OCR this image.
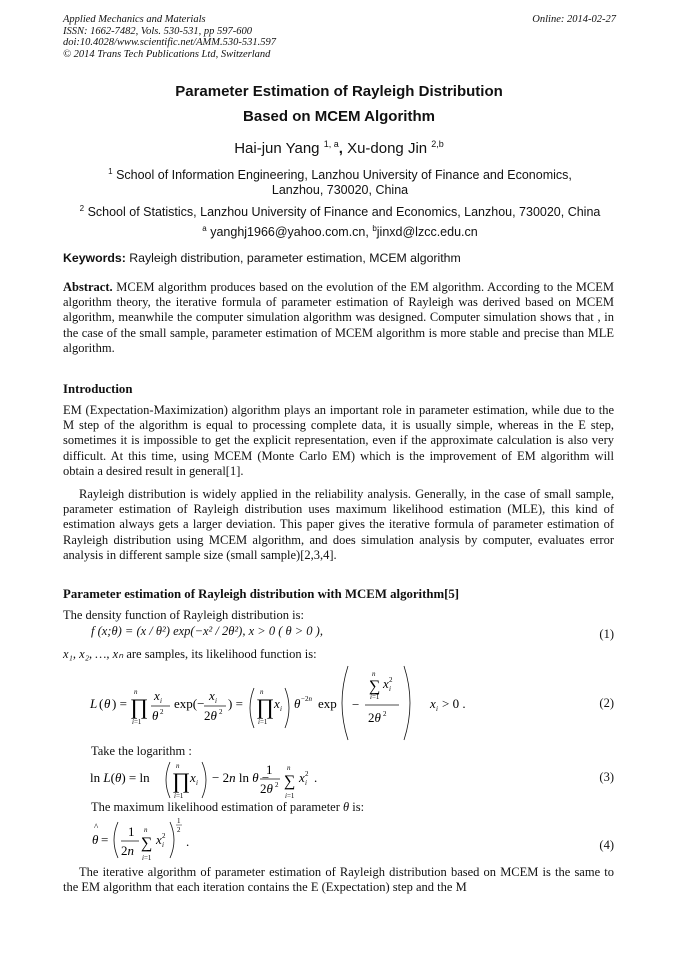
Applied Mechanics and Materials
ISSN: 1662-7482, Vols. 530-531, pp 597-600
doi:10.4028/www.scientific.net/AMM.530-531.597
© 2014 Trans Tech Publications Ltd, Switzerland
Online: 2014-02-27
Parameter Estimation of Rayleigh Distribution
Based on MCEM Algorithm
Hai-jun Yang $^{1, a}$, Xu-dong Jin $^{2,b}$
$^1$ School of Information Engineering, Lanzhou University of Finance and Economics, Lanzhou, 730020, China
$^2$ School of Statistics, Lanzhou University of Finance and Economics, Lanzhou, 730020, China
$^a$ yanghj1966@yahoo.com.cn, $^b$jinxd@lzcc.edu.cn
Keywords: Rayleigh distribution, parameter estimation, MCEM algorithm
Abstract. MCEM algorithm produces based on the evolution of the EM algorithm. According to the MCEM algorithm theory, the iterative formula of parameter estimation of Rayleigh was derived based on MCEM algorithm, meanwhile the computer simulation algorithm was designed. Computer simulation shows that , in the case of the small sample, parameter estimation of MCEM algorithm is more stable and precise than MLE algorithm.
Introduction
EM (Expectation-Maximization) algorithm plays an important role in parameter estimation, while due to the M step of the algorithm is equal to processing complete data, it is usually simple, whereas in the E step, sometimes it is impossible to get the explicit representation, even if the approximate calculation is also very difficult. At this time, using MCEM (Monte Carlo EM) which is the improvement of EM algorithm will obtain a desired result in general[1].
Rayleigh distribution is widely applied in the reliability analysis. Generally, in the case of small sample, parameter estimation of Rayleigh distribution uses maximum likelihood estimation (MLE), this kind of estimation always gets a larger deviation. This paper gives the iterative formula of parameter estimation of Rayleigh distribution using MCEM algorithm, and does simulation analysis by computer, evaluates error analysis in different sample size (small sample)[2,3,4].
Parameter estimation of Rayleigh distribution with MCEM algorithm[5]
The density function of Rayleigh distribution is:
f (x;θ) = (x / θ²) exp(−x² / 2θ²), x > 0 ( θ > 0 ),	(1)
x₁, x₂, …, xₙ are samples, its likelihood function is:
L ( θ ) = ∏
n
i=1
x i
θ 2
exp(−
x i
2θ 2
) = ∏
n
i=1
x i θ −2n exp −
∑
n
i=1
x i
2
2θ 2
x i > 0 .	(2)
Take the logarithm :
ln L(θ) = ln ∏
n
i=1
x i − 2n ln θ −
1
2θ 2 ∑
n
i=1
x i
2 .	(3)
The maximum likelihood estimation of parameter θ is:
^
θ =
1
2n ∑
n
i=1
x i
2
1
2
.	(4)
The iterative algorithm of parameter estimation of Rayleigh distribution based on MCEM is the same to the EM algorithm that each iteration contains the E (Expectation) step and the M
